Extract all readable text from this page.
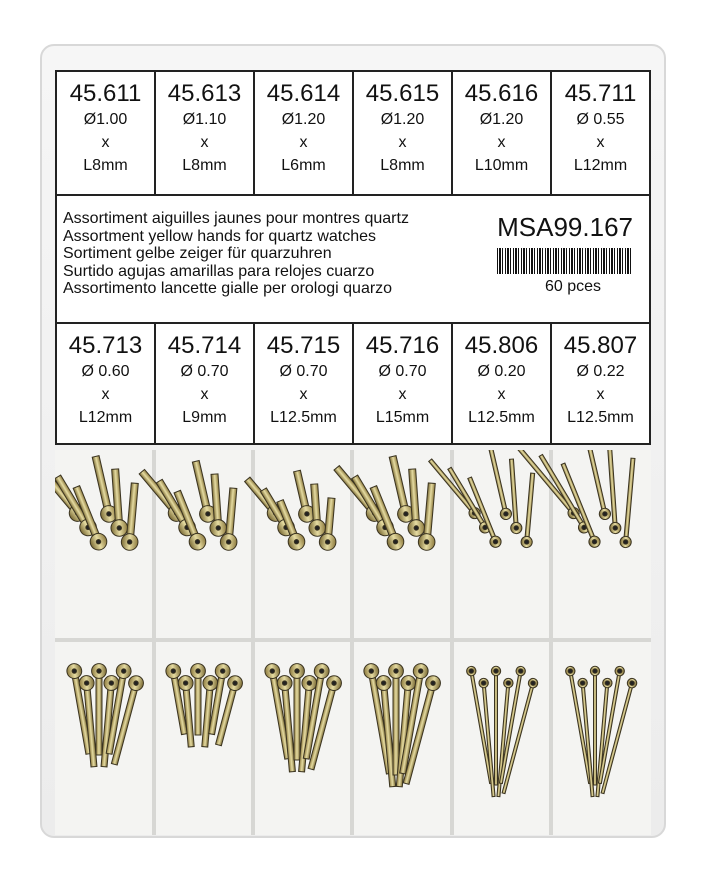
45.611
Ø1.00
x
L8mm
45.613
Ø1.10
x
L8mm
45.614
Ø1.20
x
L6mm
45.615
Ø1.20
x
L8mm
45.616
Ø1.20
x
L10mm
45.711
Ø 0.55
x
L12mm
Assortiment aiguilles jaunes pour montres quartz
Assortment yellow hands for quartz watches
Sortiment gelbe zeiger für quarzuhren
Surtido agujas amarillas para relojes cuarzo
Assortimento lancette gialle per orologi quarzo
MSA99.167
60 pces
45.713
Ø 0.60
x
L12mm
45.714
Ø 0.70
x
L9mm
45.715
Ø 0.70
x
L12.5mm
45.716
Ø 0.70
x
L15mm
45.806
Ø 0.20
x
L12.5mm
45.807
Ø 0.22
x
L12.5mm
